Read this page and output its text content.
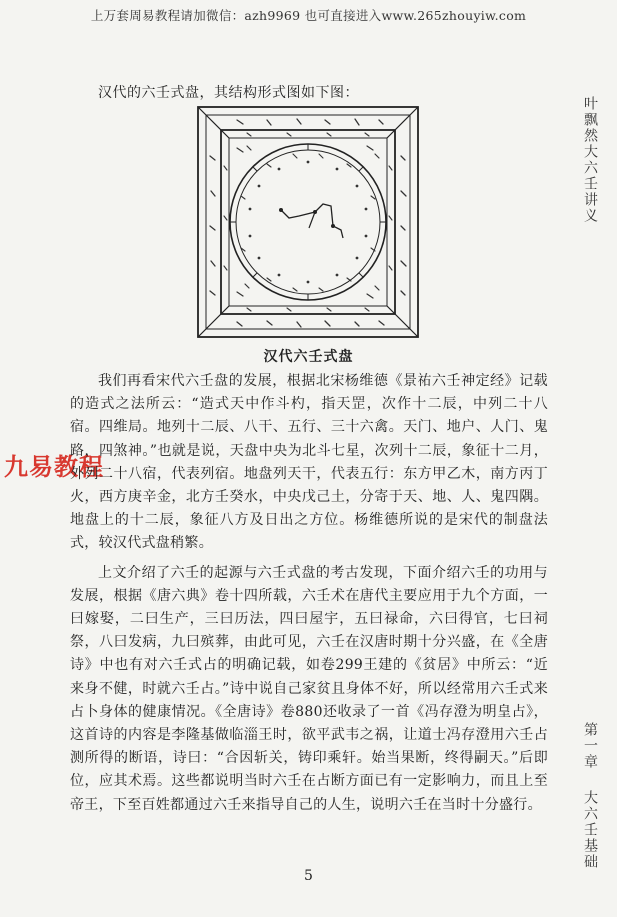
上万套周易教程请加微信：azh9969 也可直接进入www.265zhouyiw.com
汉代的六壬式盘，其结构形式图如下图：
汉代六壬式盘
九易教程

我们再看宋代六壬盘的发展，根据北宋杨维德《景祐六壬神定经》记载的造式之法所云：“造式天中作斗杓，指天罡，次作十二辰，中列二十八宿。四维局。地列十二辰、八干、五行、三十六禽。天门、地户、人门、鬼路，四煞神。”也就是说，天盘中央为北斗七星，次列十二辰，象征十二月，外列二十八宿，代表列宿。地盘列天干，代表五行：东方甲乙木，南方丙丁火，西方庚辛金，北方壬癸水，中央戊己土，分寄于天、地、人、鬼四隅。地盘上的十二辰，象征八方及日出之方位。杨维德所说的是宋代的制盘法式，较汉代式盘稍繁。

上文介绍了六壬的起源与六壬式盘的考古发现，下面介绍六壬的功用与发展，根据《唐六典》卷十四所载，六壬术在唐代主要应用于九个方面，一曰嫁娶，二曰生产，三曰历法，四曰屋宇，五曰禄命，六曰得官，七曰祠祭，八曰发病，九曰殡葬，由此可见，六壬在汉唐时期十分兴盛，在《全唐诗》中也有对六壬式占的明确记载，如卷299王建的《贫居》中所云：“近来身不健，时就六壬占。”诗中说自己家贫且身体不好，所以经常用六壬式来占卜身体的健康情况。《全唐诗》卷880还收录了一首《冯存澄为明皇占》，这首诗的内容是李隆基做临淄王时，欲平武韦之祸，让道士冯存澄用六壬占测所得的断语，诗曰：“合因斩关，铸印乘轩。始当果断，终得嗣天。”后即位，应其术焉。这些都说明当时六壬在占断方面已有一定影响力，而且上至帝王，下至百姓都通过六壬来指导自己的人生，说明六壬在当时十分盛行。

叶飘然大六壬讲义
第一章
大六壬基础
5
